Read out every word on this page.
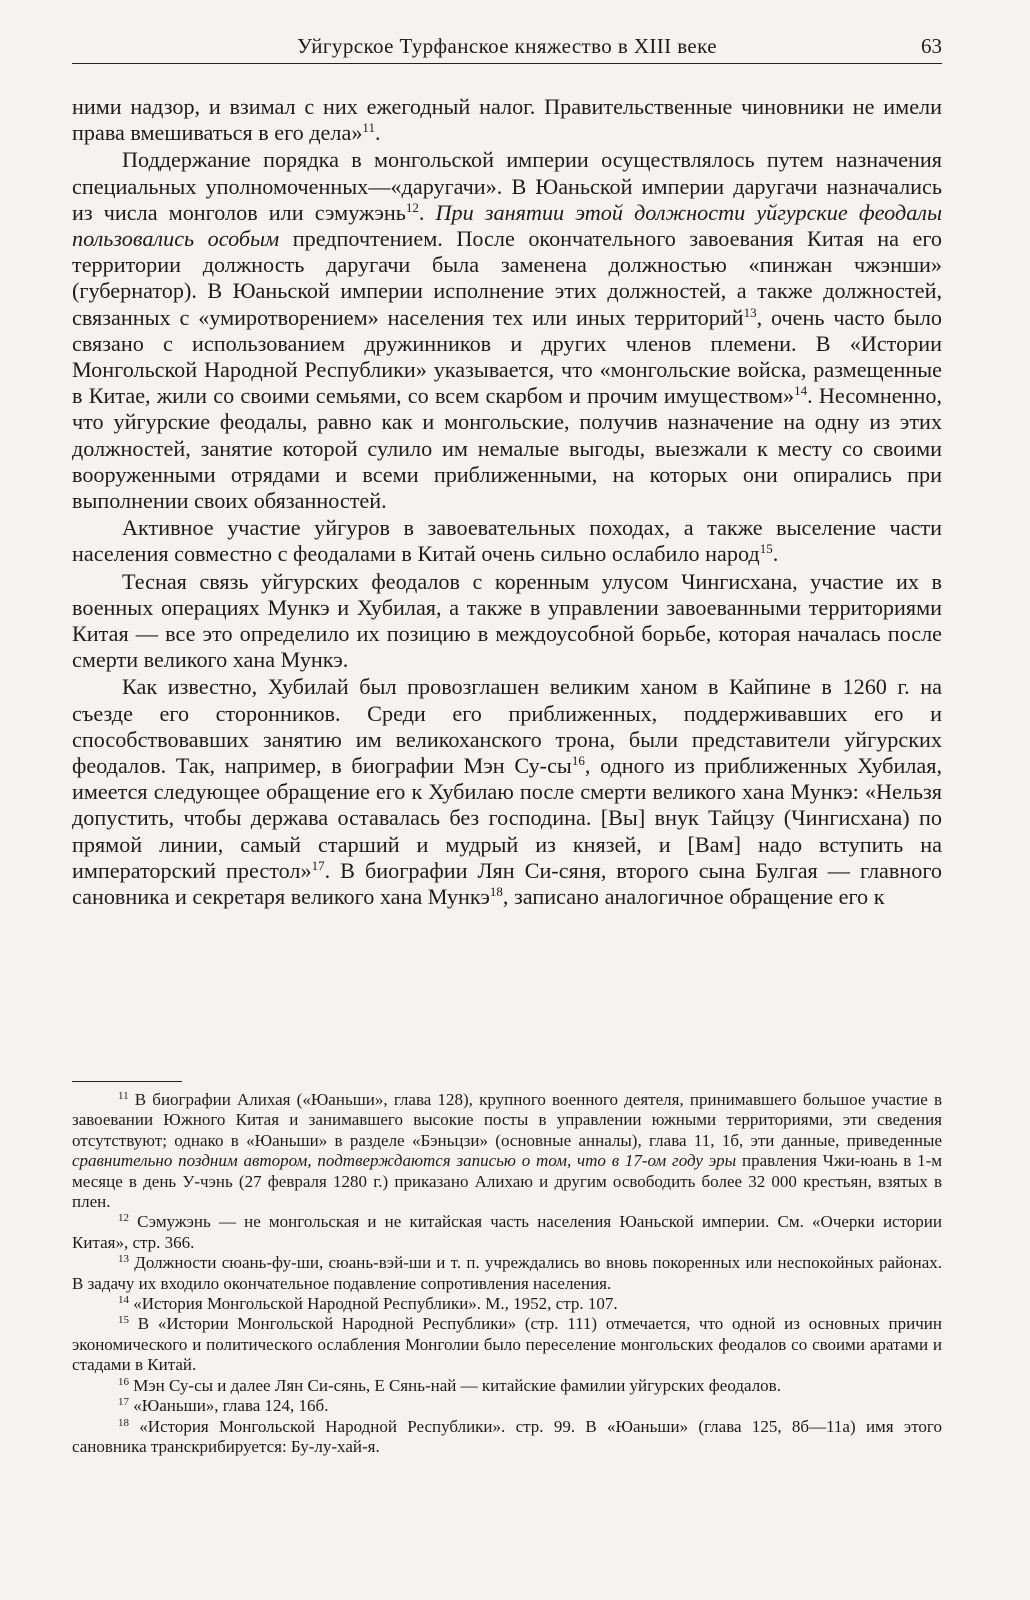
Уйгурское Турфанское княжество в XIII веке	63

ними надзор, и взимал с них ежегодный налог. Правительственные чиновники не имели права вмешиваться в его дела»$^{11}$.

Поддержание порядка в монгольской империи осуществлялось путем назначения специальных уполномоченных—«даругачи». В Юаньской империи даругачи назначались из числа монголов или сэмужэнь$^{12}$. При занятии этой должности уйгурские феодалы пользовались особым предпочтением. После окончательного завоевания Китая на его территории должность даругачи была заменена должностью «пинжан чжэнши» (губернатор). В Юаньской империи исполнение этих должностей, а также должностей, связанных с «умиротворением» населения тех или иных территорий$^{13}$, очень часто было связано с использованием дружинников и других членов племени. В «Истории Монгольской Народной Республики» указывается, что «монгольские войска, размещенные в Китае, жили со своими семьями, со всем скарбом и прочим имуществом»$^{14}$. Несомненно, что уйгурские феодалы, равно как и монгольские, получив назначение на одну из этих должностей, занятие которой сулило им немалые выгоды, выезжали к месту со своими вооруженными отрядами и всеми приближенными, на которых они опирались при выполнении своих обязанностей.

Активное участие уйгуров в завоевательных походах, а также выселение части населения совместно с феодалами в Китай очень сильно ослабило народ$^{15}$.

Тесная связь уйгурских феодалов с коренным улусом Чингисхана, участие их в военных операциях Мункэ и Хубилая, а также в управлении завоеванными территориями Китая — все это определило их позицию в междоусобной борьбе, которая началась после смерти великого хана Мункэ.

Как известно, Хубилай был провозглашен великим ханом в Кайпине в 1260 г. на съезде его сторонников. Среди его приближенных, поддерживавших его и способствовавших занятию им великоханского трона, были представители уйгурских феодалов. Так, например, в биографии Мэн $Су-сы^{16}$, одного из приближенных Хубилая, имеется следующее обращение его к Хубилаю после смерти великого хана Мункэ: «Нельзя допустить, чтобы держава оставалась без господина. [Вы] внук Тайцзу (Чингисхана) по прямой линии, самый старший и мудрый из князей, и [Вам] надо вступить на императорский престол»$^{17}$. В биографии Лян Си-сяня, второго сына Булгая — главного сановника и секретаря великого хана Мункэ$^{18}$, записано аналогичное обращение его к

$^{11}$ В биографии Алихая («Юаньши», глава 128), крупного военного деятеля, принимавшего большое участие в завоевании Южного Китая и занимавшего высокие посты в управлении южными территориями, эти сведения отсутствуют; однако в «Юаньши» в разделе «Бэньцзи» (основные анналы), глава 11, 1б, эти данные, приведенные сравнительно поздним автором, подтверждаются записью о том, что в 17-ом году эры правления Чжи-юань в 1-м месяце в день У-чэнь (27 февраля 1280 г.) приказано Алихаю и другим освободить более 32 000 крестьян, взятых в плен.

$^{12}$ Сэмужэнь — не монгольская и не китайская часть населения Юаньской империи. См. «Очерки истории Китая», стр. 366.

$^{13}$ Должности сюань-фу-ши, сюань-вэй-ши и т. п. учреждались во вновь покоренных или неспокойных районах. В задачу их входило окончательное подавление сопротивления населения.

$^{14}$ «История Монгольской Народной Республики». М., 1952, стр. 107.

$^{15}$ В «Истории Монгольской Народной Республики» (стр. 111) отмечается, что одной из основных причин экономического и политического ослабления Монголии было переселение монгольских феодалов со своими аратами и стадами в Китай.

$^{16}$ Мэн Су-сы и далее Лян Си-сянь, Е Сянь-най — китайские фамилии уйгурских феодалов.

$^{17}$ «Юаньши», глава 124, 16б.

$^{18}$ «История Монгольской Народной Республики». стр. 99. В «Юаньши» (глава 125, 8б—11а) имя этого сановника транскрибируется: Бу-лу-хай-я.
